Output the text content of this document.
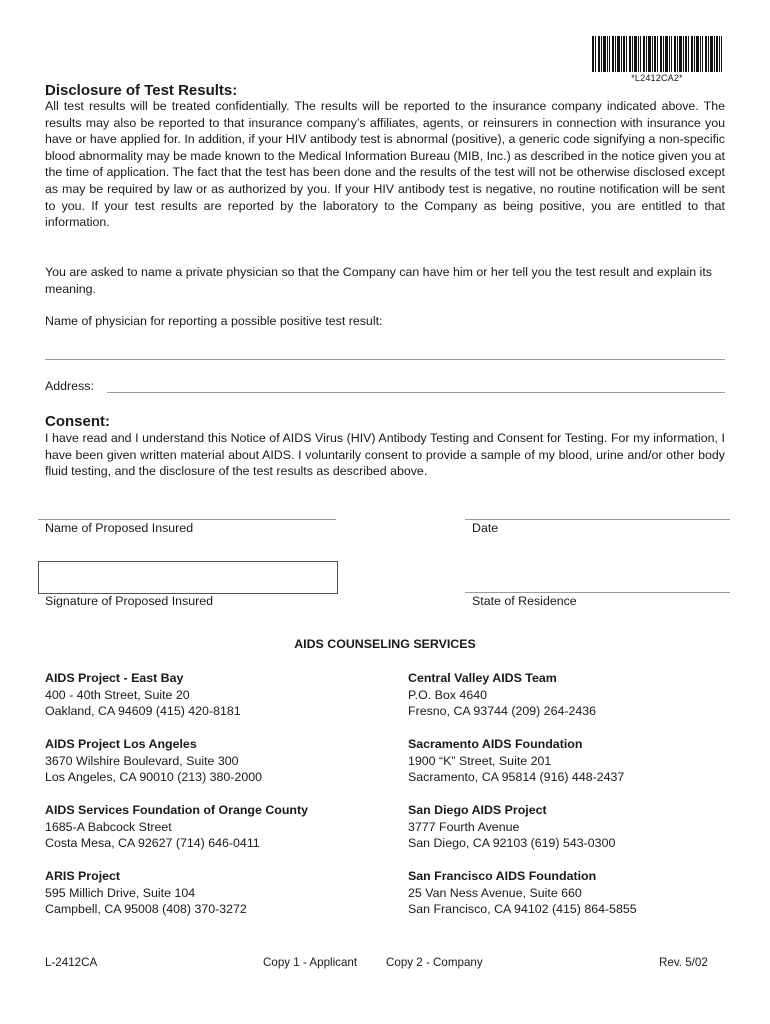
*L2412CA2*
Disclosure of Test Results:
All test results will be treated confidentially. The results will be reported to the insurance company indicated above. The results may also be reported to that insurance company’s affiliates, agents, or reinsurers in connection with insurance you have or have applied for. In addition, if your HIV antibody test is abnormal (positive), a generic code signifying a non-specific blood abnormality may be made known to the Medical Information Bureau (MIB, Inc.) as described in the notice given you at the time of application. The fact that the test has been done and the results of the test will not be otherwise disclosed except as may be required by law or as authorized by you. If your HIV antibody test is negative, no routine notification will be sent to you. If your test results are reported by the laboratory to the Company as being positive, you are entitled to that information.
You are asked to name a private physician so that the Company can have him or her tell you the test result and explain its meaning.
Name of physician for reporting a possible positive test result:
Address:
Consent:
I have read and I understand this Notice of AIDS Virus (HIV) Antibody Testing and Consent for Testing. For my information, I have been given written material about AIDS. I voluntarily consent to provide a sample of my blood, urine and/or other body fluid testing, and the disclosure of the test results as described above.
Name of Proposed Insured	Date
Signature of Proposed Insured	State of Residence
AIDS COUNSELING SERVICES
AIDS Project - East Bay
400 - 40th Street, Suite 20
Oakland, CA 94609 (415) 420-8181
AIDS Project Los Angeles
3670 Wilshire Boulevard, Suite 300
Los Angeles, CA 90010 (213) 380-2000
AIDS Services Foundation of Orange County
1685-A Babcock Street
Costa Mesa, CA 92627 (714) 646-0411
ARIS Project
595 Millich Drive, Suite 104
Campbell, CA 95008 (408) 370-3272
Central Valley AIDS Team
P.O. Box 4640
Fresno, CA 93744 (209) 264-2436
Sacramento AIDS Foundation
1900 “K” Street, Suite 201
Sacramento, CA 95814 (916) 448-2437
San Diego AIDS Project
3777 Fourth Avenue
San Diego, CA 92103 (619) 543-0300
San Francisco AIDS Foundation
25 Van Ness Avenue, Suite 660
San Francisco, CA 94102 (415) 864-5855
L-2412CA	Copy 1 - Applicant Copy 2 - Company	Rev. 5/02
